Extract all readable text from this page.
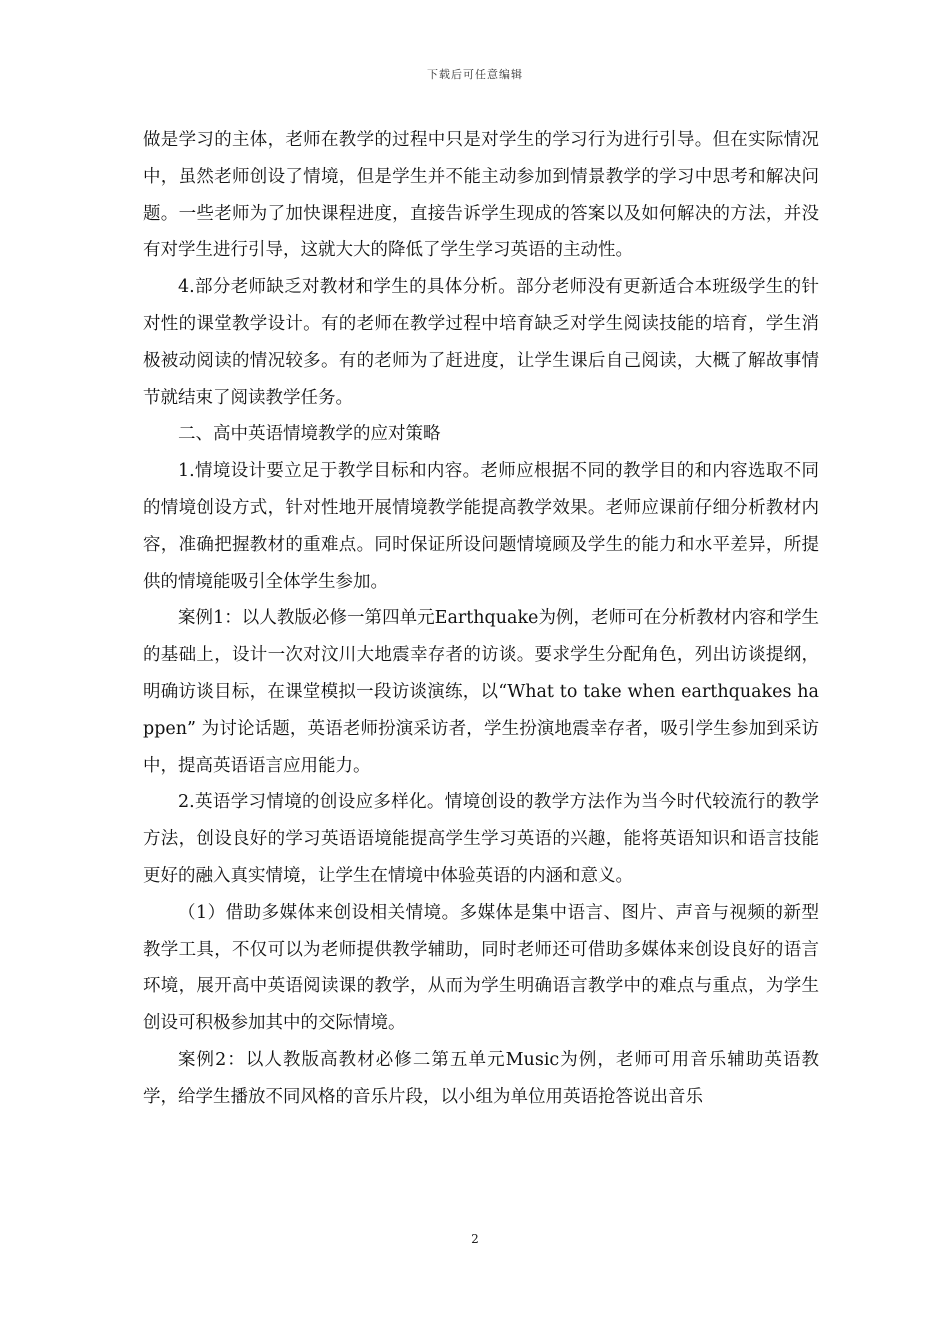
下载后可任意编辑

做是学习的主体，老师在教学的过程中只是对学生的学习行为进行引导。但在实际情况中，虽然老师创设了情境，但是学生并不能主动参加到情景教学的学习中思考和解决问题。一些老师为了加快课程进度，直接告诉学生现成的答案以及如何解决的方法，并没有对学生进行引导，这就大大的降低了学生学习英语的主动性。

4.部分老师缺乏对教材和学生的具体分析。部分老师没有更新适合本班级学生的针对性的课堂教学设计。有的老师在教学过程中培育缺乏对学生阅读技能的培育，学生消极被动阅读的情况较多。有的老师为了赶进度，让学生课后自己阅读，大概了解故事情节就结束了阅读教学任务。

二、高中英语情境教学的应对策略

1.情境设计要立足于教学目标和内容。老师应根据不同的教学目的和内容选取不同的情境创设方式，针对性地开展情境教学能提高教学效果。老师应课前仔细分析教材内容，准确把握教材的重难点。同时保证所设问题情境顾及学生的能力和水平差异，所提供的情境能吸引全体学生参加。

案例1：以人教版必修一第四单元Earthquake为例，老师可在分析教材内容和学生的基础上，设计一次对汶川大地震幸存者的访谈。要求学生分配角色，列出访谈提纲，明确访谈目标，在课堂模拟一段访谈演练，以“What to take when earthquakes happen” 为讨论话题，英语老师扮演采访者，学生扮演地震幸存者，吸引学生参加到采访中，提高英语语言应用能力。

2.英语学习情境的创设应多样化。情境创设的教学方法作为当今时代较流行的教学方法，创设良好的学习英语语境能提高学生学习英语的兴趣，能将英语知识和语言技能更好的融入真实情境，让学生在情境中体验英语的内涵和意义。

（1）借助多媒体来创设相关情境。多媒体是集中语言、图片、声音与视频的新型教学工具，不仅可以为老师提供教学辅助，同时老师还可借助多媒体来创设良好的语言环境，展开高中英语阅读课的教学，从而为学生明确语言教学中的难点与重点，为学生创设可积极参加其中的交际情境。

案例2：以人教版高教材必修二第五单元Music为例，老师可用音乐辅助英语教学，给学生播放不同风格的音乐片段，以小组为单位用英语抢答说出音乐

2
